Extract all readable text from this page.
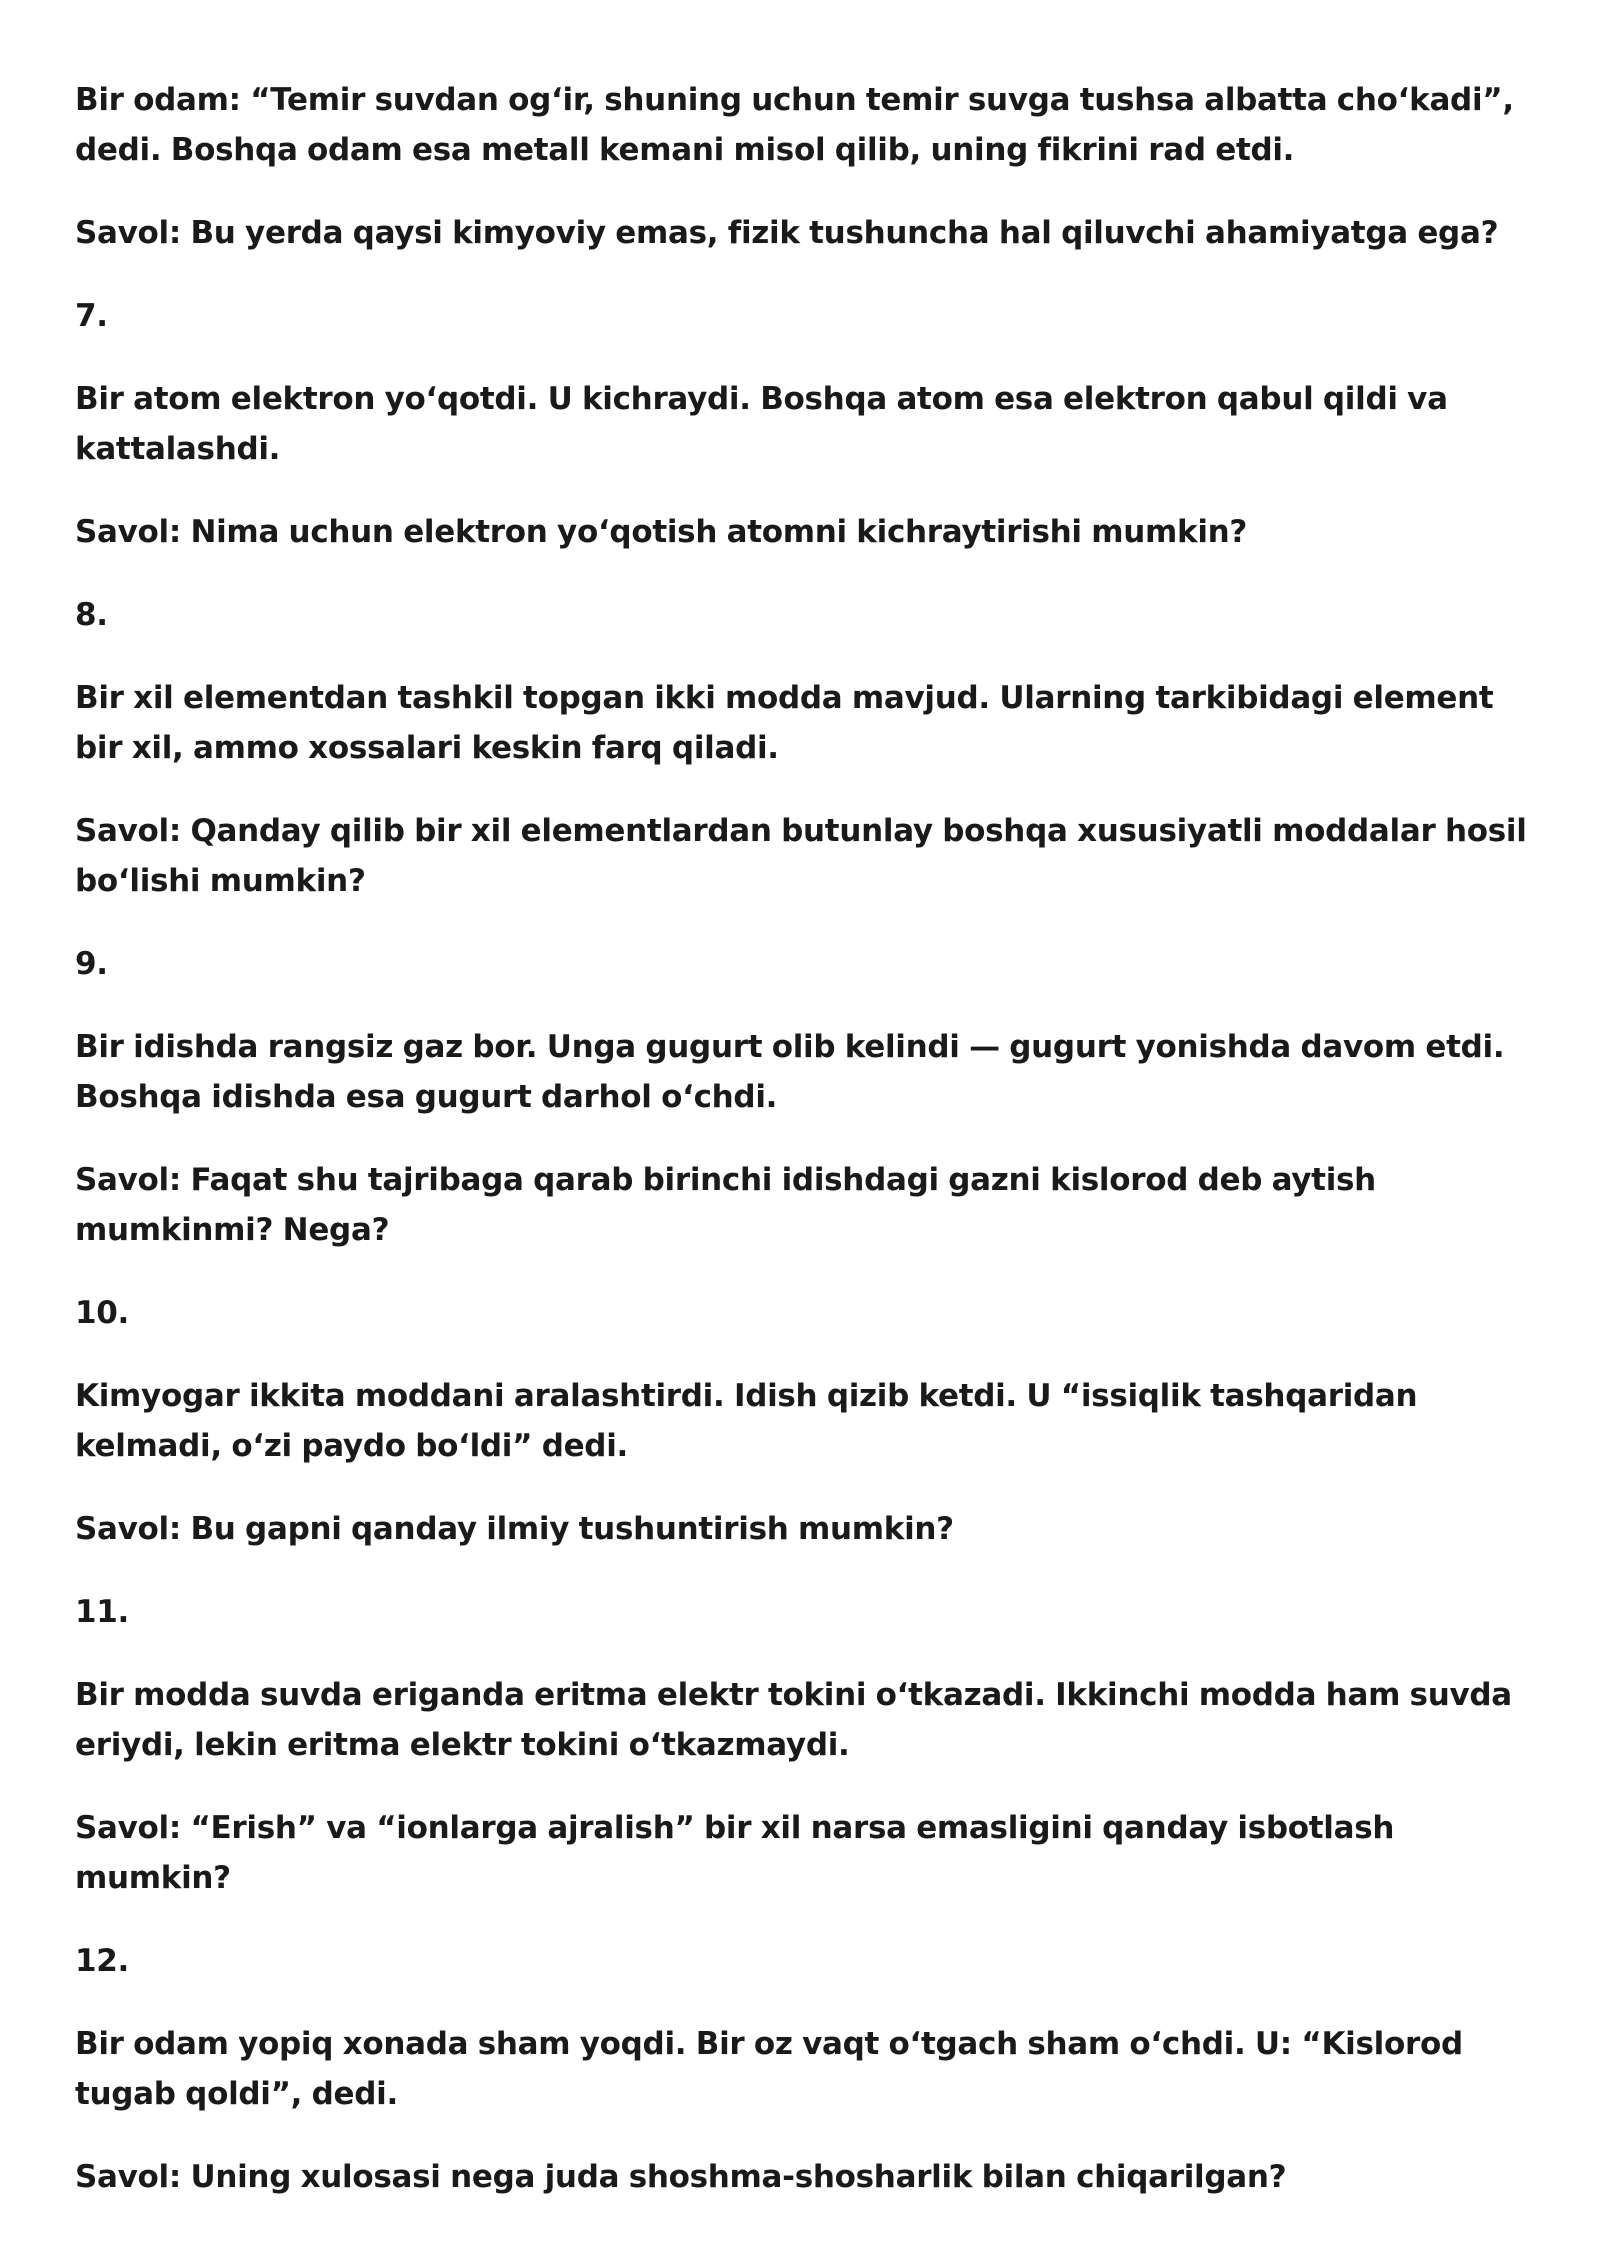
Bir odam: “Temir suvdan og‘ir, shuning uchun temir suvga tushsa albatta cho‘kadi”, dedi. Boshqa odam esa metall kemani misol qilib, uning fikrini rad etdi.

Savol: Bu yerda qaysi kimyoviy emas, fizik tushuncha hal qiluvchi ahamiyatga ega?

7.

Bir atom elektron yo‘qotdi. U kichraydi. Boshqa atom esa elektron qabul qildi va kattalashdi.

Savol: Nima uchun elektron yo‘qotish atomni kichraytirishi mumkin?

8.

Bir xil elementdan tashkil topgan ikki modda mavjud. Ularning tarkibidagi element bir xil, ammo xossalari keskin farq qiladi.

Savol: Qanday qilib bir xil elementlardan butunlay boshqa xususiyatli moddalar hosil bo‘lishi mumkin?

9.

Bir idishda rangsiz gaz bor. Unga gugurt olib kelindi — gugurt yonishda davom etdi. Boshqa idishda esa gugurt darhol o‘chdi.

Savol: Faqat shu tajribaga qarab birinchi idishdagi gazni kislorod deb aytish mumkinmi? Nega?

10.

Kimyogar ikkita moddani aralashtirdi. Idish qizib ketdi. U “issiqlik tashqaridan kelmadi, o‘zi paydo bo‘ldi” dedi.

Savol: Bu gapni qanday ilmiy tushuntirish mumkin?

11.

Bir modda suvda eriganda eritma elektr tokini o‘tkazadi. Ikkinchi modda ham suvda eriydi, lekin eritma elektr tokini o‘tkazmaydi.

Savol: “Erish” va “ionlarga ajralish” bir xil narsa emasligini qanday isbotlash mumkin?

12.

Bir odam yopiq xonada sham yoqdi. Bir oz vaqt o‘tgach sham o‘chdi. U: “Kislorod tugab qoldi”, dedi.

Savol: Uning xulosasi nega juda shoshma-shosharlik bilan chiqarilgan?
